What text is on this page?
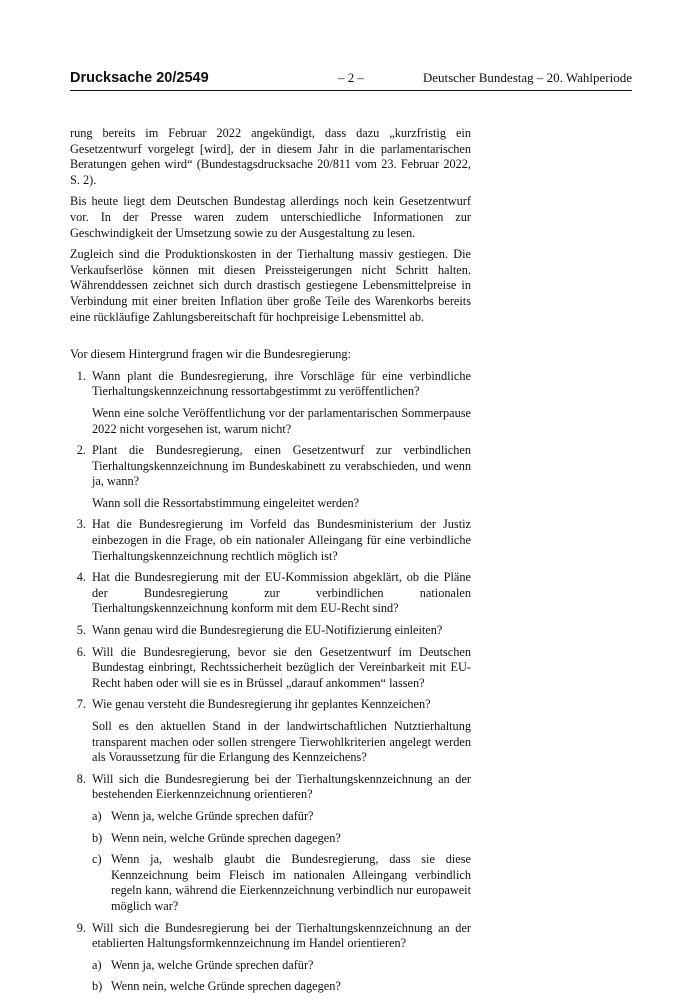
Drucksache 20/2549	– 2 –	Deutscher Bundestag – 20. Wahlperiode

rung bereits im Februar 2022 angekündigt, dass dazu „kurzfristig ein Gesetzentwurf vorgelegt [wird], der in diesem Jahr in die parlamentarischen Beratungen gehen wird“ (Bundestagsdrucksache 20/811 vom 23. Februar 2022, S. 2).

Bis heute liegt dem Deutschen Bundestag allerdings noch kein Gesetzentwurf vor. In der Presse waren zudem unterschiedliche Informationen zur Geschwindigkeit der Umsetzung sowie zu der Ausgestaltung zu lesen.

Zugleich sind die Produktionskosten in der Tierhaltung massiv gestiegen. Die Verkaufserlöse können mit diesen Preissteigerungen nicht Schritt halten. Währenddessen zeichnet sich durch drastisch gestiegene Lebensmittelpreise in Verbindung mit einer breiten Inflation über große Teile des Warenkorbs bereits eine rückläufige Zahlungsbereitschaft für hochpreisige Lebensmittel ab.

Vor diesem Hintergrund fragen wir die Bundesregierung:

1. Wann plant die Bundesregierung, ihre Vorschläge für eine verbindliche Tierhaltungskennzeichnung ressortabgestimmt zu veröffentlichen?
Wenn eine solche Veröffentlichung vor der parlamentarischen Sommerpause 2022 nicht vorgesehen ist, warum nicht?
2. Plant die Bundesregierung, einen Gesetzentwurf zur verbindlichen Tierhaltungskennzeichnung im Bundeskabinett zu verabschieden, und wenn ja, wann?
Wann soll die Ressortabstimmung eingeleitet werden?
3. Hat die Bundesregierung im Vorfeld das Bundesministerium der Justiz einbezogen in die Frage, ob ein nationaler Alleingang für eine verbindliche Tierhaltungskennzeichnung rechtlich möglich ist?
4. Hat die Bundesregierung mit der EU-Kommission abgeklärt, ob die Pläne der Bundesregierung zur verbindlichen nationalen Tierhaltungskennzeichnung konform mit dem EU-Recht sind?
5. Wann genau wird die Bundesregierung die EU-Notifizierung einleiten?
6. Will die Bundesregierung, bevor sie den Gesetzentwurf im Deutschen Bundestag einbringt, Rechtssicherheit bezüglich der Vereinbarkeit mit EU-Recht haben oder will sie es in Brüssel „darauf ankommen“ lassen?
7. Wie genau versteht die Bundesregierung ihr geplantes Kennzeichen?
Soll es den aktuellen Stand in der landwirtschaftlichen Nutztierhaltung transparent machen oder sollen strengere Tierwohlkriterien angelegt werden als Voraussetzung für die Erlangung des Kennzeichens?
8. Will sich die Bundesregierung bei der Tierhaltungskennzeichnung an der bestehenden Eierkennzeichnung orientieren?
a) Wenn ja, welche Gründe sprechen dafür?
b) Wenn nein, welche Gründe sprechen dagegen?
c) Wenn ja, weshalb glaubt die Bundesregierung, dass sie diese Kennzeichnung beim Fleisch im nationalen Alleingang verbindlich regeln kann, während die Eierkennzeichnung verbindlich nur europaweit möglich war?
9. Will sich die Bundesregierung bei der Tierhaltungskennzeichnung an der etablierten Haltungsformkennzeichnung im Handel orientieren?
a) Wenn ja, welche Gründe sprechen dafür?
b) Wenn nein, welche Gründe sprechen dagegen?
